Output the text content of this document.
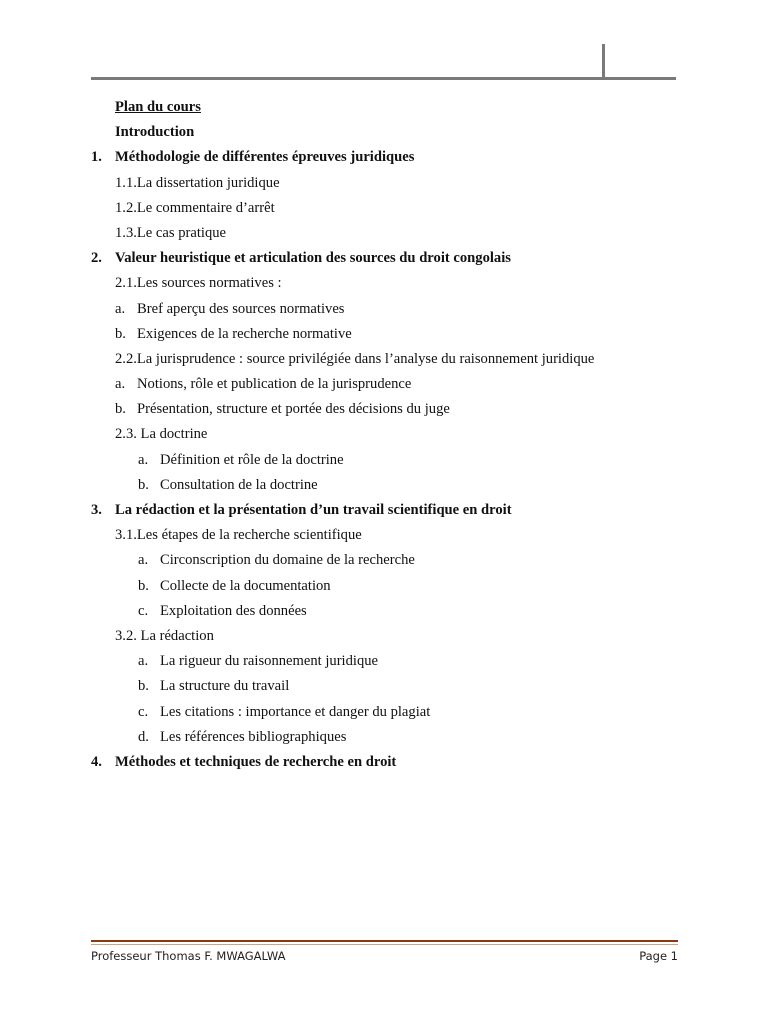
Plan du cours
Introduction
1. Méthodologie de différentes épreuves juridiques
1.1.La dissertation juridique
1.2.Le commentaire d’arrêt
1.3.Le cas pratique
2. Valeur heuristique et articulation des sources du droit congolais
2.1.Les sources normatives :
a. Bref aperçu des sources normatives
b. Exigences de la recherche normative
2.2.La jurisprudence : source privilégiée dans l’analyse du raisonnement juridique
a. Notions, rôle et publication de la jurisprudence
b. Présentation, structure et portée des décisions du juge
2.3. La doctrine
a. Définition et rôle de la doctrine
b. Consultation de la doctrine
3. La rédaction et la présentation d’un travail scientifique en droit
3.1.Les étapes de la recherche scientifique
a. Circonscription du domaine de la recherche
b. Collecte de la documentation
c. Exploitation des données
3.2. La rédaction
a. La rigueur du raisonnement juridique
b. La structure du travail
c. Les citations : importance et danger du plagiat
d. Les références bibliographiques
4. Méthodes et techniques de recherche en droit
Professeur Thomas F. MWAGALWA	Page 1
